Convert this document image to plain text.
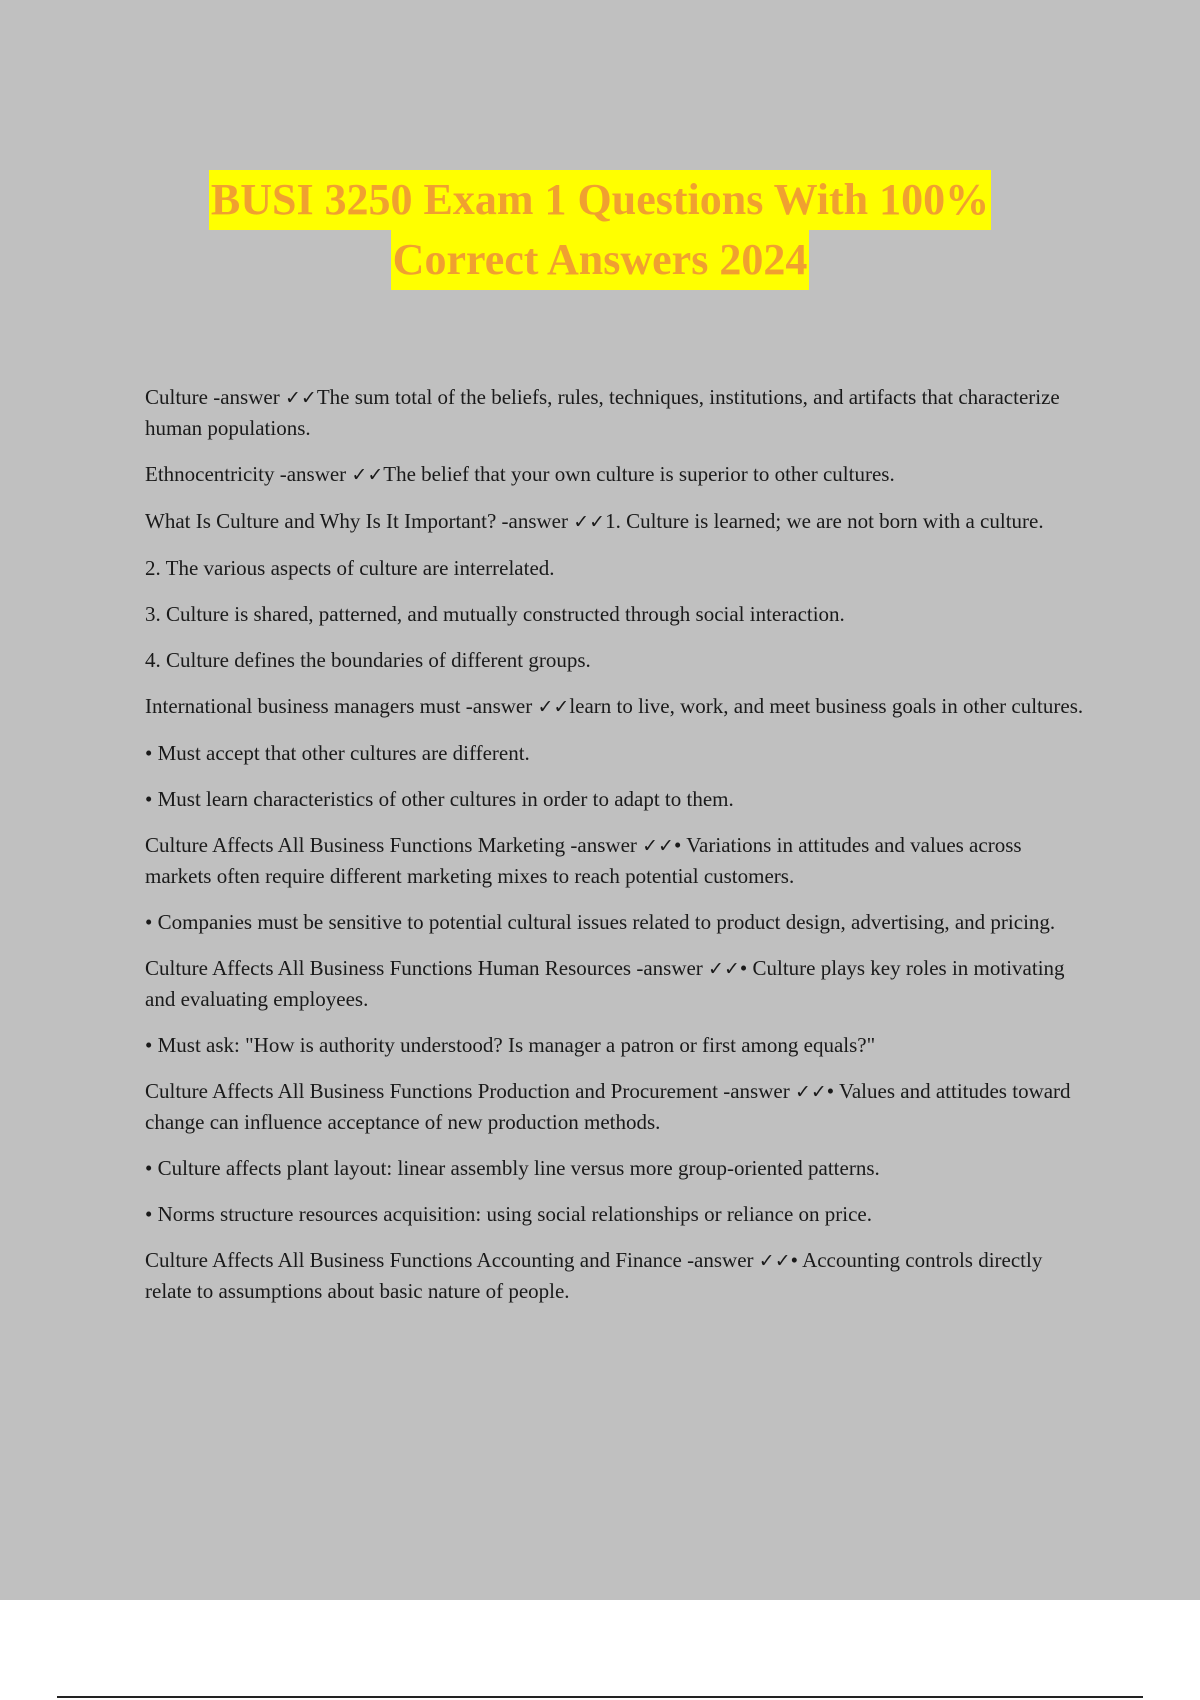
BUSI 3250 Exam 1 Questions With 100%
Correct Answers 2024

Culture -answer ✓✓The sum total of the beliefs, rules, techniques, institutions, and artifacts that characterize human populations.

Ethnocentricity -answer ✓✓The belief that your own culture is superior to other cultures.

What Is Culture and Why Is It Important? -answer ✓✓1. Culture is learned; we are not born with a culture.

2. The various aspects of culture are interrelated.

3. Culture is shared, patterned, and mutually constructed through social interaction.

4. Culture defines the boundaries of different groups.

International business managers must -answer ✓✓learn to live, work, and meet business goals in other cultures.

• Must accept that other cultures are different.

• Must learn characteristics of other cultures in order to adapt to them.

Culture Affects All Business Functions Marketing -answer ✓✓• Variations in attitudes and values across markets often require different marketing mixes to reach potential customers.

• Companies must be sensitive to potential cultural issues related to product design, advertising, and pricing.

Culture Affects All Business Functions Human Resources -answer ✓✓• Culture plays key roles in motivating and evaluating employees.

• Must ask: "How is authority understood? Is manager a patron or first among equals?"

Culture Affects All Business Functions Production and Procurement -answer ✓✓• Values and attitudes toward change can influence acceptance of new production methods.

• Culture affects plant layout: linear assembly line versus more group-oriented patterns.

• Norms structure resources acquisition: using social relationships or reliance on price.

Culture Affects All Business Functions Accounting and Finance -answer ✓✓• Accounting controls directly relate to assumptions about basic nature of people.
